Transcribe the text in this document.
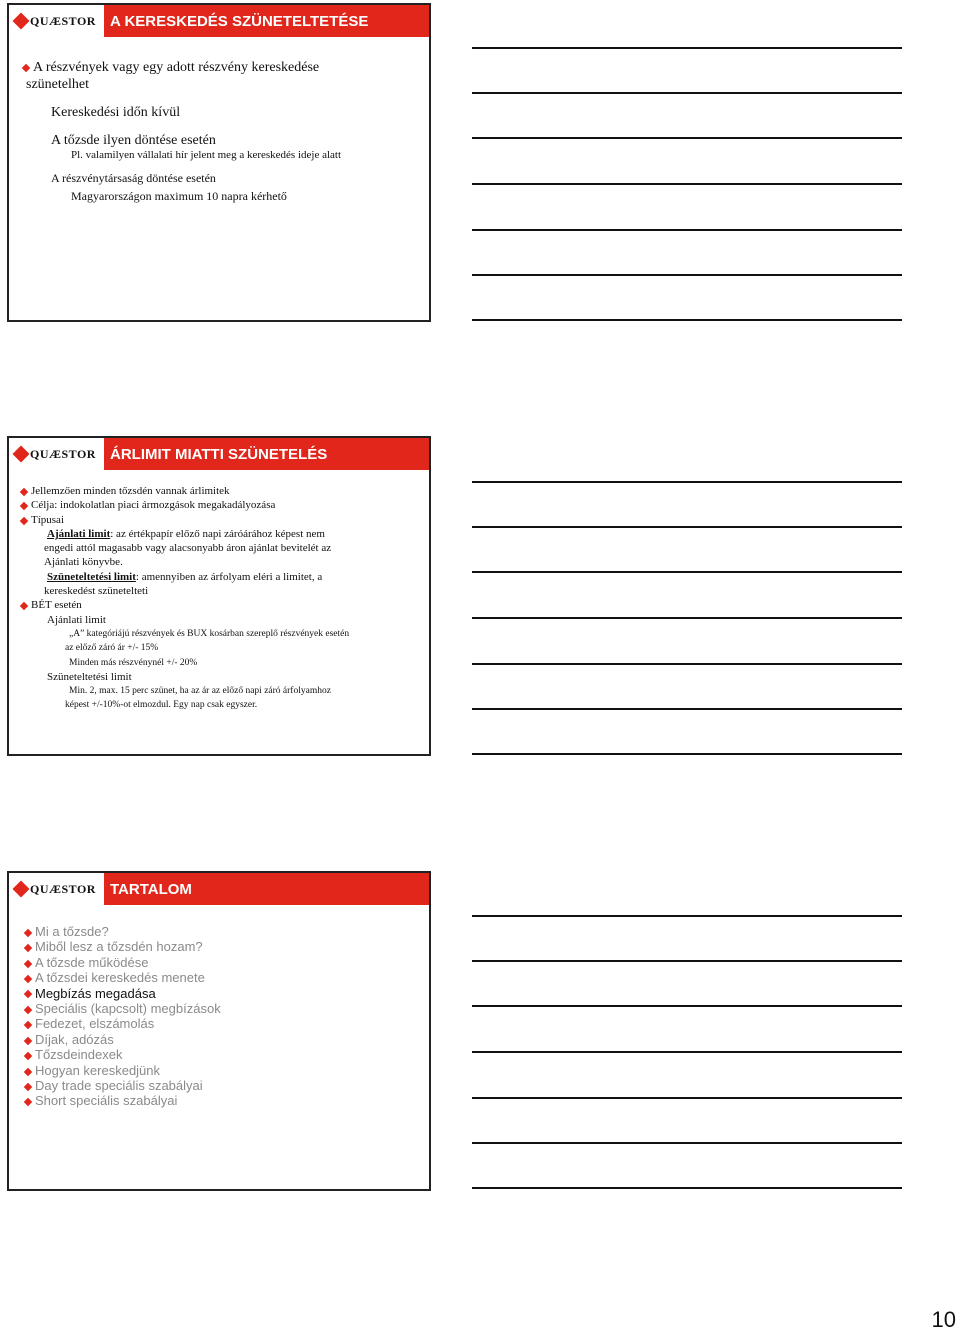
QUÆSTOR A KERESKEDÉS SZÜNETELTETÉSE
A részvények vagy egy adott részvény kereskedése
szünetelhet
Kereskedési időn kívül
A tőzsde ilyen döntése esetén
Pl. valamilyen vállalati hír jelent meg a kereskedés ideje alatt
A részvénytársaság döntése esetén
Magyarországon maximum 10 napra kérhető
QUÆSTOR ÁRLIMIT MIATTI SZÜNETELÉS
Jellemzően minden tőzsdén vannak árlimitek
Célja: indokolatlan piaci ármozgások megakadályozása
Típusai
Ajánlati limit: az értékpapír előző napi záróárához képest nem
engedi attól magasabb vagy alacsonyabb áron ajánlat bevitelét az
Ajánlati könyvbe.
Szüneteltetési limit: amennyiben az árfolyam eléri a limitet, a
kereskedést szünetelteti
BÉT esetén
Ajánlati limit
„A” kategóriájú részvények és BUX kosárban szereplő részvények esetén
az előző záró ár +/- 15%
Minden más részvénynél +/- 20%
Szüneteltetési limit
Min. 2, max. 15 perc szünet, ha az ár az előző napi záró árfolyamhoz
képest +/-10%-ot elmozdul. Egy nap csak egyszer.
QUÆSTOR TARTALOM
Mi a tőzsde?
Miből lesz a tőzsdén hozam?
A tőzsde működése
A tőzsdei kereskedés menete
Megbízás megadása
Speciális (kapcsolt) megbízások
Fedezet, elszámolás
Díjak, adózás
Tőzsdeindexek
Hogyan kereskedjünk
Day trade speciális szabályai
Short speciális szabályai
10
